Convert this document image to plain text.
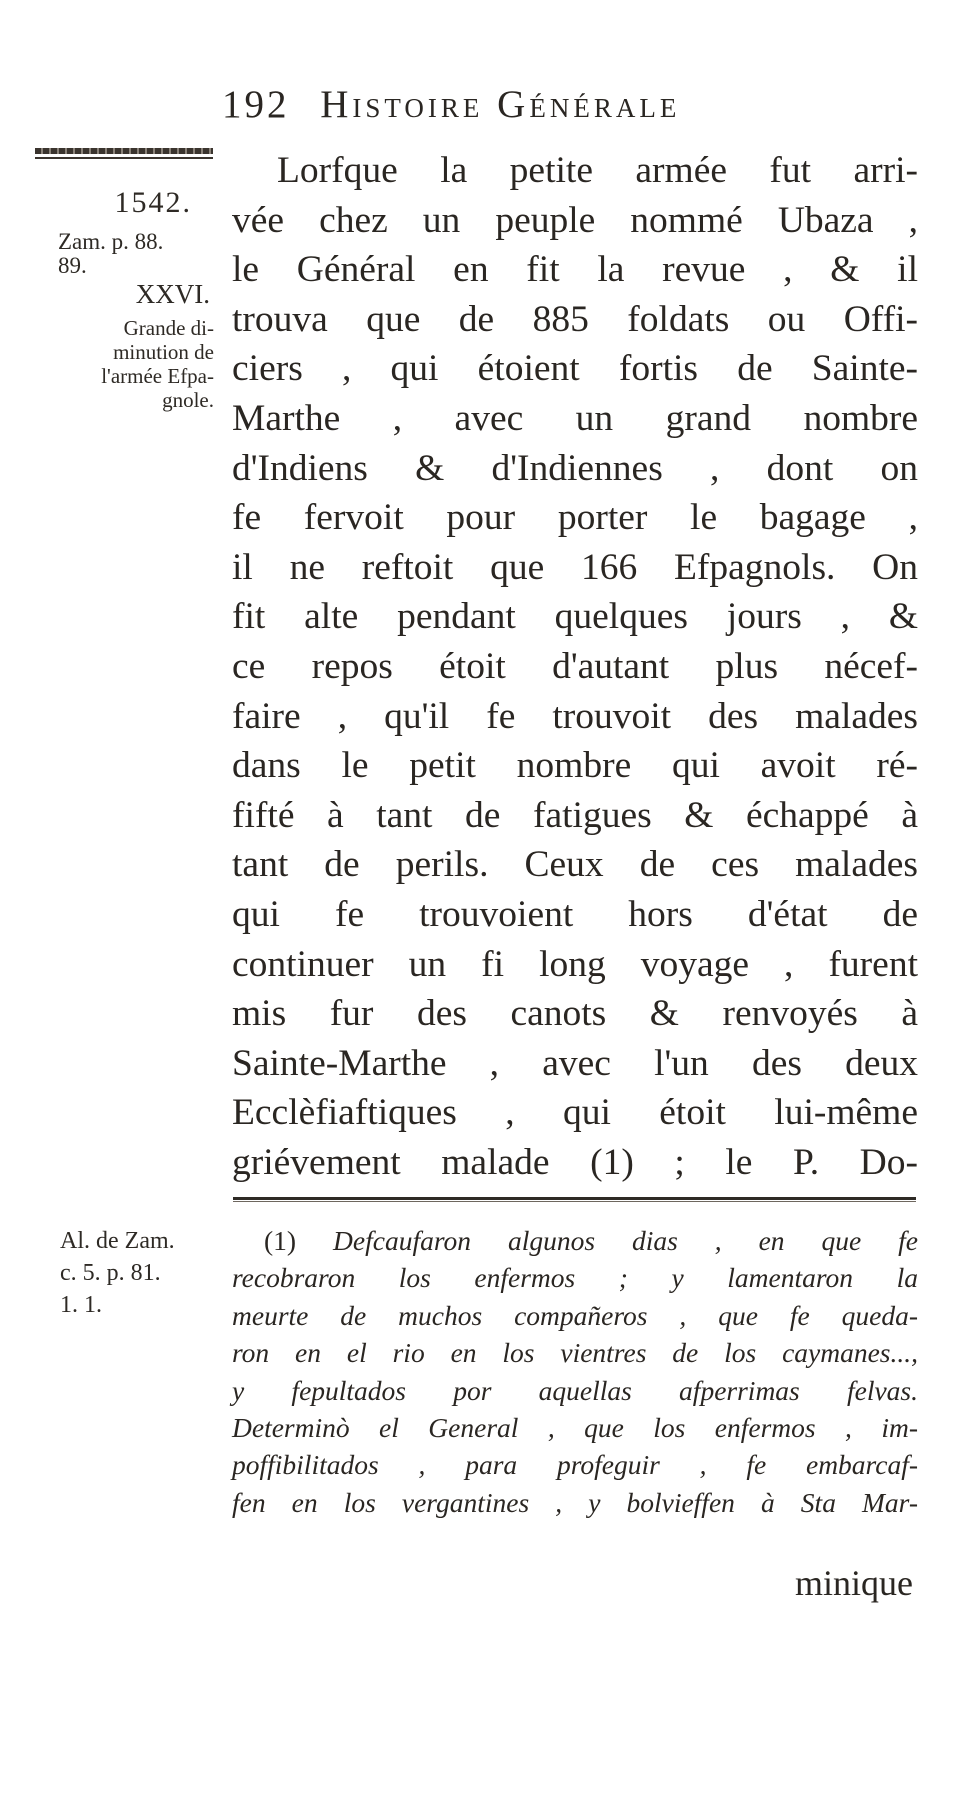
192 Histoire Générale
1542.
Zam. p. 88.
89.
XXVI.
Grande di-
minution de
l'armée Efpa-
gnole.
Lorfque la petite armée fut arri-
vée chez un peuple nommé Ubaza ,
le Général en fit la revue , & il
trouva que de 885 foldats ou Offi-
ciers , qui étoient fortis de Sainte-
Marthe , avec un grand nombre
d'Indiens & d'Indiennes , dont on
fe fervoit pour porter le bagage ,
il ne reftoit que 166 Efpagnols. On
fit alte pendant quelques jours , &
ce repos étoit d'autant plus nécef-
faire , qu'il fe trouvoit des malades
dans le petit nombre qui avoit ré-
fifté à tant de fatigues & échappé à
tant de perils. Ceux de ces malades
qui fe trouvoient hors d'état de
continuer un fi long voyage , furent
mis fur des canots & renvoyés à
Sainte-Marthe , avec l'un des deux
Ecclèfiaftiques , qui étoit lui-même
griévement malade (1) ; le P. Do-
Al. de Zam.
c. 5. p. 81.
1. 1.
(1) Defcaufaron algunos dias , en que fe
recobraron los enfermos ; y lamentaron la
meurte de muchos compañeros , que fe queda-
ron en el rio en los vientres de los caymanes...,
y fepultados por aquellas afperrimas felvas.
Determinò el General , que los enfermos , im-
poffibilitados , para profeguir , fe embarcaf-
fen en los vergantines , y bolvieffen à Sta Mar-
minique
